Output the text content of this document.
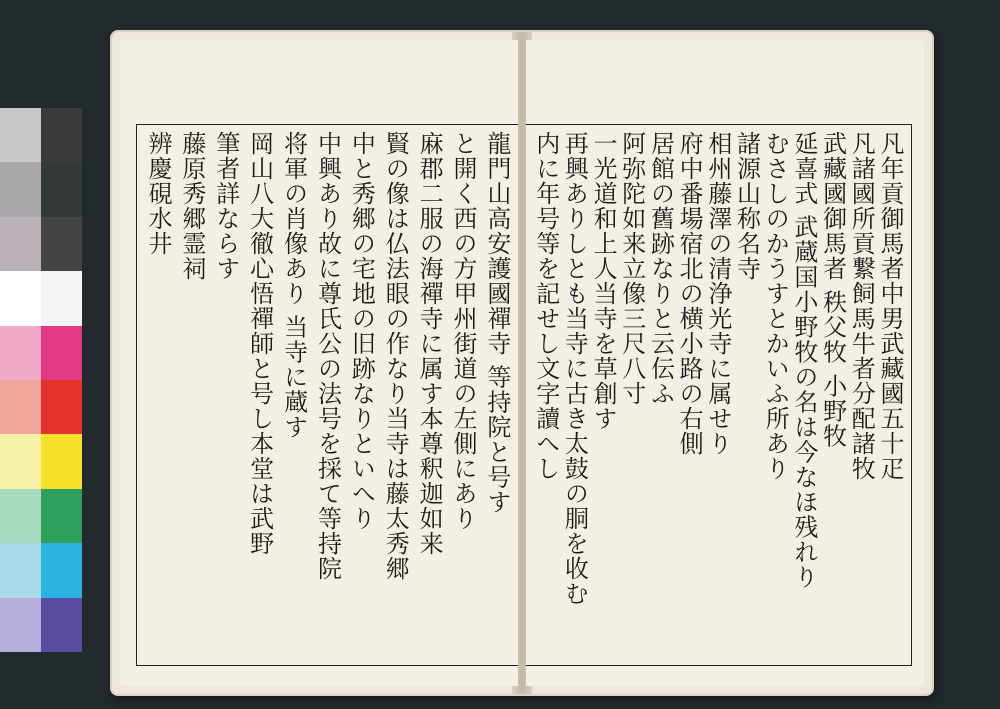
龍門山高安護國禪寺 等持院と号す
と開く西の方甲州街道の左側にあり
麻郡二服の海禪寺に属す本尊釈迦如来
賢の像は仏法眼の作なり当寺は藤太秀郷
中と秀郷の宅地の旧跡なりといへり
中興あり故に尊氏公の法号を採て等持院
将軍の肖像あり 当寺に蔵す
岡山八大徹心悟禪師と号し本堂は武野
筆者詳ならす
藤原秀郷霊祠
辨慶硯水井	凡年貢御馬者中男武藏國五十疋
凡諸國所貢繋飼馬牛者分配諸牧
武藏國御馬者 秩父牧 小野牧
延喜式 武蔵国小野牧の名は今なほ残れり
むさしのかうすとかいふ所あり
諸源山称名寺
相州藤澤の清浄光寺に属せり
府中番場宿北の横小路の右側
居館の舊跡なりと云伝ふ
阿弥陀如来立像三尺八寸
一光道和上人当寺を草創す
再興ありしとも当寺に古き太鼓の胴を收む
内に年号等を記せし文字讀へし
